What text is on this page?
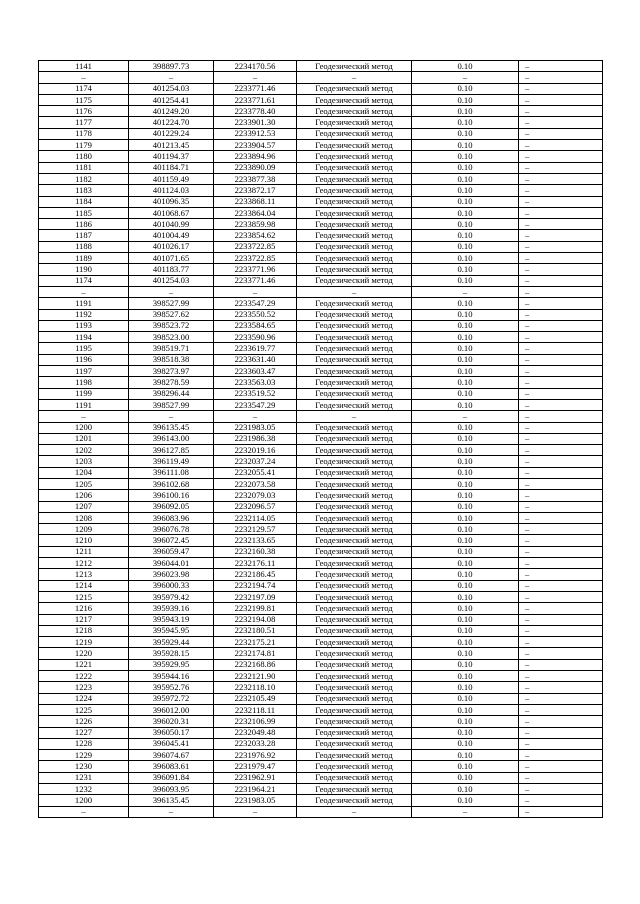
1141	398897.73	2234170.56	Геодезический метод	0.10	–
–	–	–	–	–	–
1174	401254.03	2233771.46	Геодезический метод	0.10	–
1175	401254.41	2233771.61	Геодезический метод	0.10	–
1176	401249.20	2233778.40	Геодезический метод	0.10	–
1177	401224.70	2233901.30	Геодезический метод	0.10	–
1178	401229.24	2233912.53	Геодезический метод	0.10	–
1179	401213.45	2233904.57	Геодезический метод	0.10	–
1180	401194.37	2233894.96	Геодезический метод	0.10	–
1181	401184.71	2233890.09	Геодезический метод	0.10	–
1182	401159.49	2233877.38	Геодезический метод	0.10	–
1183	401124.03	2233872.17	Геодезический метод	0.10	–
1184	401096.35	2233868.11	Геодезический метод	0.10	–
1185	401068.67	2233864.04	Геодезический метод	0.10	–
1186	401040.99	2233859.98	Геодезический метод	0.10	–
1187	401004.49	2233854.62	Геодезический метод	0.10	–
1188	401026.17	2233722.85	Геодезический метод	0.10	–
1189	401071.65	2233722.85	Геодезический метод	0.10	–
1190	401183.77	2233771.96	Геодезический метод	0.10	–
1174	401254.03	2233771.46	Геодезический метод	0.10	–
–	–	–	–	–	–
1191	398527.99	2233547.29	Геодезический метод	0.10	–
1192	398527.62	2233550.52	Геодезический метод	0.10	–
1193	398523.72	2233584.65	Геодезический метод	0.10	–
1194	398523.00	2233590.96	Геодезический метод	0.10	–
1195	398519.71	2233619.77	Геодезический метод	0.10	–
1196	398518.38	2233631.40	Геодезический метод	0.10	–
1197	398273.97	2233603.47	Геодезический метод	0.10	–
1198	398278.59	2233563.03	Геодезический метод	0.10	–
1199	398296.44	2233519.52	Геодезический метод	0.10	–
1191	398527.99	2233547.29	Геодезический метод	0.10	–
–	–	–	–	–	–
1200	396135.45	2231983.05	Геодезический метод	0.10	–
1201	396143.00	2231986.38	Геодезический метод	0.10	–
1202	396127.85	2232019.16	Геодезический метод	0.10	–
1203	396119.49	2232037.24	Геодезический метод	0.10	–
1204	396111.08	2232055.41	Геодезический метод	0.10	–
1205	396102.68	2232073.58	Геодезический метод	0.10	–
1206	396100.16	2232079.03	Геодезический метод	0.10	–
1207	396092.05	2232096.57	Геодезический метод	0.10	–
1208	396083.96	2232114.05	Геодезический метод	0.10	–
1209	396076.78	2232129.57	Геодезический метод	0.10	–
1210	396072.45	2232133.65	Геодезический метод	0.10	–
1211	396059.47	2232160.38	Геодезический метод	0.10	–
1212	396044.01	2232176.11	Геодезический метод	0.10	–
1213	396023.98	2232186.45	Геодезический метод	0.10	–
1214	396000.33	2232194.74	Геодезический метод	0.10	–
1215	395979.42	2232197.09	Геодезический метод	0.10	–
1216	395939.16	2232199.81	Геодезический метод	0.10	–
1217	395943.19	2232194.08	Геодезический метод	0.10	–
1218	395945.95	2232180.51	Геодезический метод	0.10	–
1219	395929.44	2232175.21	Геодезический метод	0.10	–
1220	395928.15	2232174.81	Геодезический метод	0.10	–
1221	395929.95	2232168.86	Геодезический метод	0.10	–
1222	395944.16	2232121.90	Геодезический метод	0.10	–
1223	395952.76	2232118.10	Геодезический метод	0.10	–
1224	395972.72	2232105.49	Геодезический метод	0.10	–
1225	396012.00	2232118.11	Геодезический метод	0.10	–
1226	396020.31	2232106.99	Геодезический метод	0.10	–
1227	396050.17	2232049.48	Геодезический метод	0.10	–
1228	396045.41	2232033.28	Геодезический метод	0.10	–
1229	396074.67	2231976.92	Геодезический метод	0.10	–
1230	396083.61	2231979.47	Геодезический метод	0.10	–
1231	396091.84	2231962.91	Геодезический метод	0.10	–
1232	396093.95	2231964.21	Геодезический метод	0.10	–
1200	396135.45	2231983.05	Геодезический метод	0.10	–
–	–	–	–	–	–
